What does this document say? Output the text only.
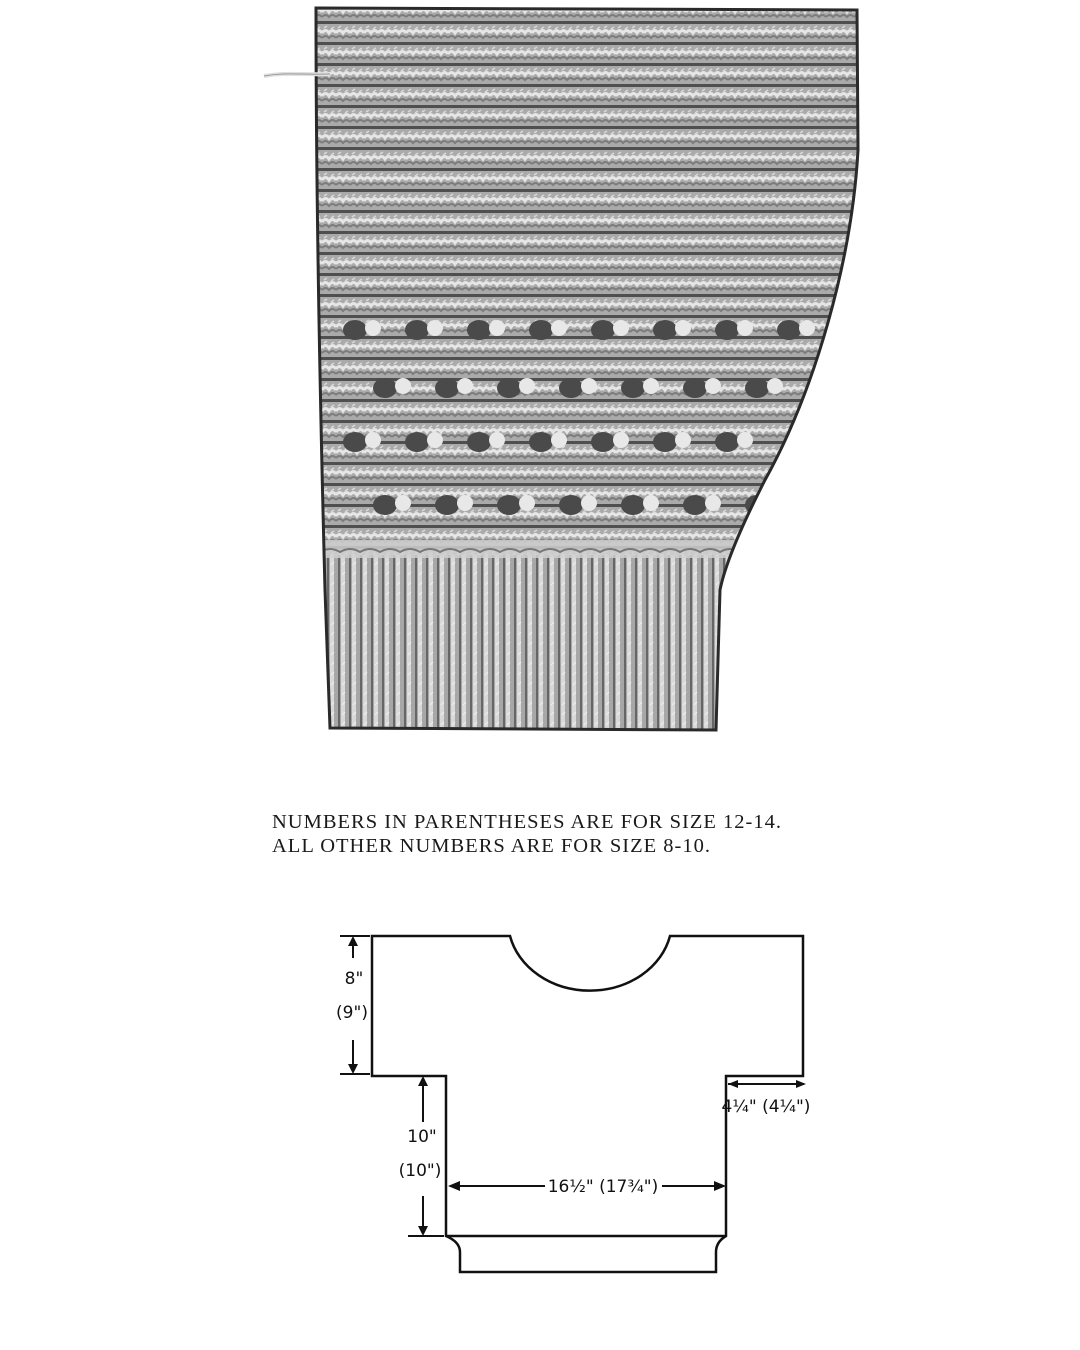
NUMBERS IN PARENTHESES ARE FOR SIZE 12-14.
ALL OTHER NUMBERS ARE FOR SIZE 8-10.
8"
(9")
10"
(10")
16½" (17¾")
4¼" (4¼")
